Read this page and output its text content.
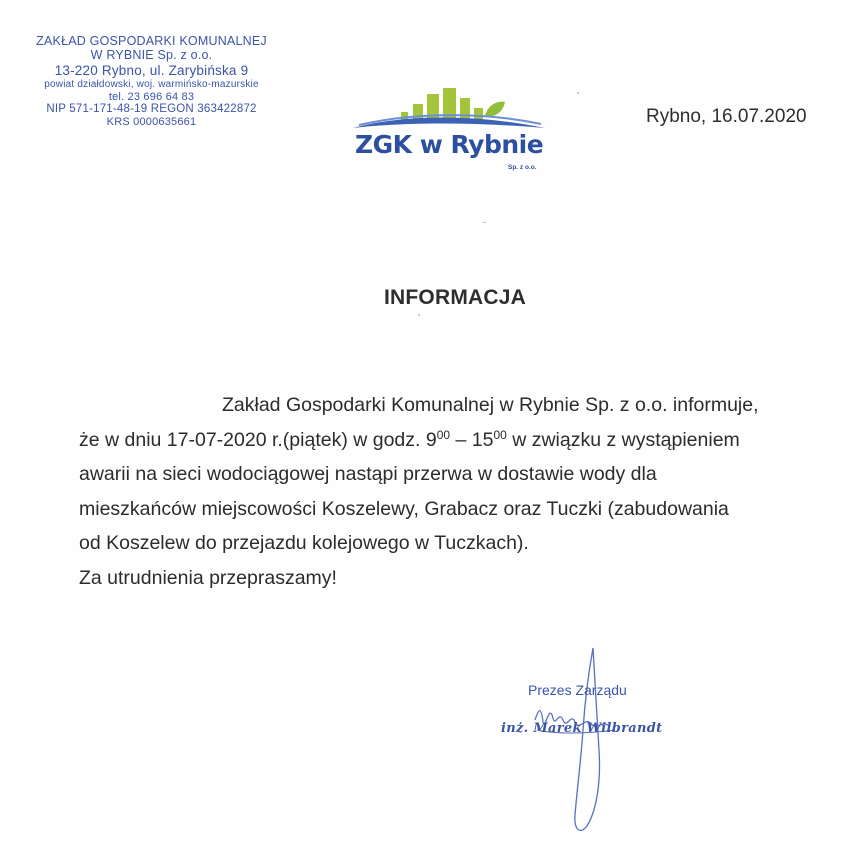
ZAKŁAD GOSPODARKI KOMUNALNEJ
W RYBNIE Sp. z o.o.
13-220 Rybno, ul. Zarybińska 9
powiat działdowski, woj. warmińsko-mazurskie
tel. 23 696 64 83
NIP 571-171-48-19 REGON 363422872
KRS 0000635661
ZGK w Rybnie
Sp. z o.o.
Rybno, 16.07.2020
INFORMACJA
Zakład Gospodarki Komunalnej w Rybnie Sp. z o.o. informuje,
że w dniu 17-07-2020 r.(piątek) w godz. $9^{00} - 15^{00}$ w związku z wystąpieniem
awarii na sieci wodociągowej nastąpi przerwa w dostawie wody dla
mieszkańców miejscowości Koszelewy, Grabacz oraz Tuczki (zabudowania
od Koszelew do przejazdu kolejowego w Tuczkach).
Za utrudnienia przepraszamy!
Prezes Zarządu
inż. Marek Wilbrandt
